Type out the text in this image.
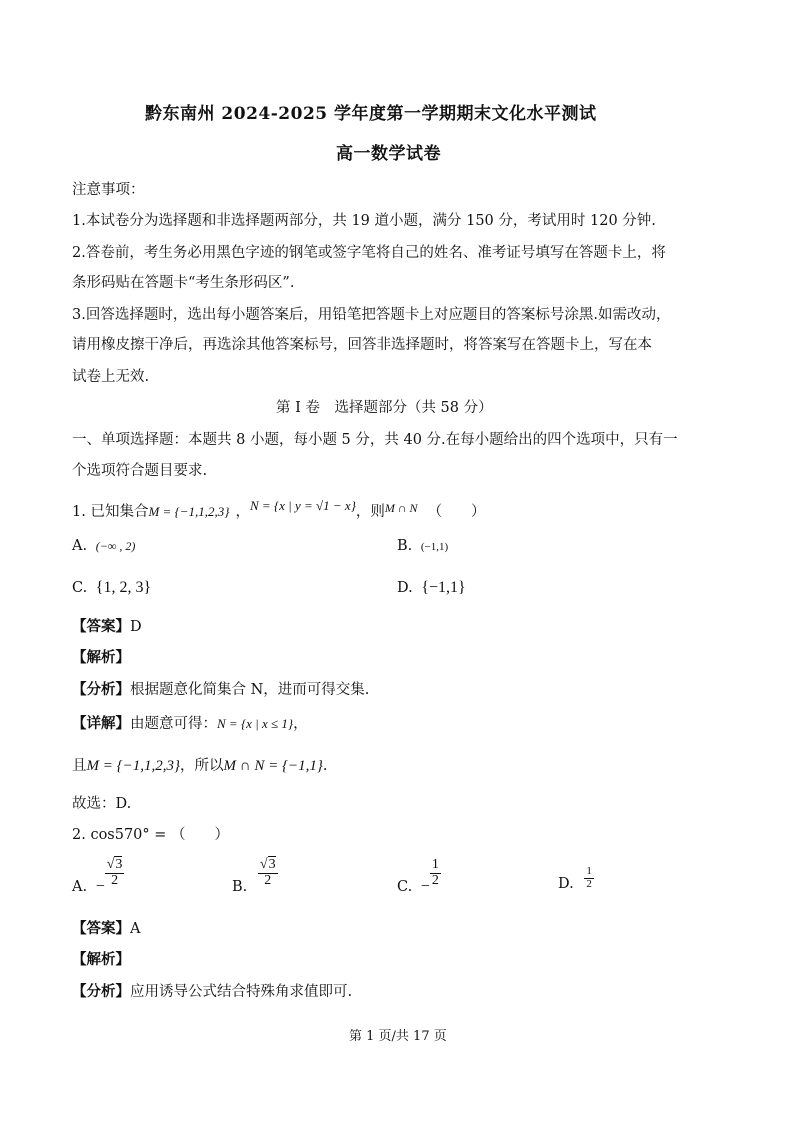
黔东南州 2024-2025 学年度第一学期期末文化水平测试
高一数学试卷
注意事项：
1.本试卷分为选择题和非选择题两部分，共 19 道小题，满分 150 分，考试用时 120 分钟.
2.答卷前，考生务必用黑色字迹的钢笔或签字笔将自己的姓名、准考证号填写在答题卡上，将
条形码贴在答题卡“考生条形码区”.
3.回答选择题时，选出每小题答案后，用铅笔把答题卡上对应题目的答案标号涂黑.如需改动，
请用橡皮擦干净后，再选涂其他答案标号，回答非选择题时，将答案写在答题卡上，写在本
试卷上无效.
第 I 卷　选择题部分（共 58 分）
一、单项选择题：本题共 8 小题，每小题 5 分，共 40 分.在每小题给出的四个选项中，只有一
个选项符合题目要求.
1. 已知集合M = {−1,1,2,3} ，N = {x | y = √1 − x}，则M ∩ N （　　）
A. (−∞ , 2)	B. (−1,1)
C. {1, 2, 3}	D. {−1,1}
【答案】D
【解析】
【分析】根据题意化简集合 N，进而可得交集.
【详解】由题意可得：N = {x | x ≤ 1}，
且M = {−1,1,2,3}，所以M ∩ N = {−1,1}.
故选：D.
2. cos570° = （　　）
A. − $\frac{√3}{2}$	B. $\frac{√3}{2}$	C. − $\frac{1}{2}$	D. $\frac{1}{2}$
【答案】A
【解析】
【分析】应用诱导公式结合特殊角求值即可.
第 1 页/共 17 页
